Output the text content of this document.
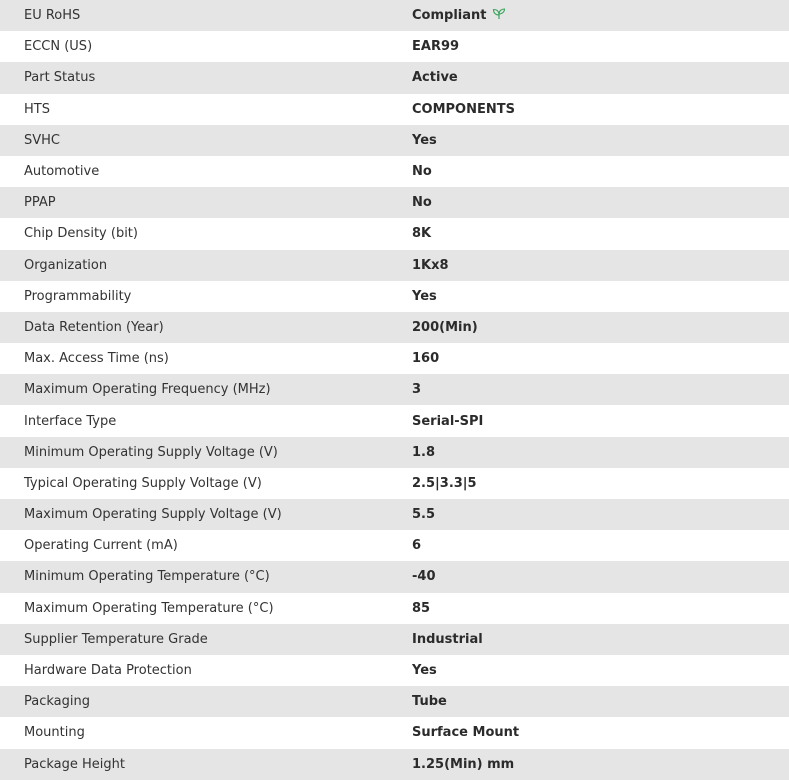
EU RoHS	Compliant
ECCN (US)	EAR99
Part Status	Active
HTS	COMPONENTS
SVHC	Yes
Automotive	No
PPAP	No
Chip Density (bit)	8K
Organization	1Kx8
Programmability	Yes
Data Retention (Year)	200(Min)
Max. Access Time (ns)	160
Maximum Operating Frequency (MHz)	3
Interface Type	Serial-SPI
Minimum Operating Supply Voltage (V)	1.8
Typical Operating Supply Voltage (V)	2.5|3.3|5
Maximum Operating Supply Voltage (V)	5.5
Operating Current (mA)	6
Minimum Operating Temperature (°C)	-40
Maximum Operating Temperature (°C)	85
Supplier Temperature Grade	Industrial
Hardware Data Protection	Yes
Packaging	Tube
Mounting	Surface Mount
Package Height	1.25(Min) mm
